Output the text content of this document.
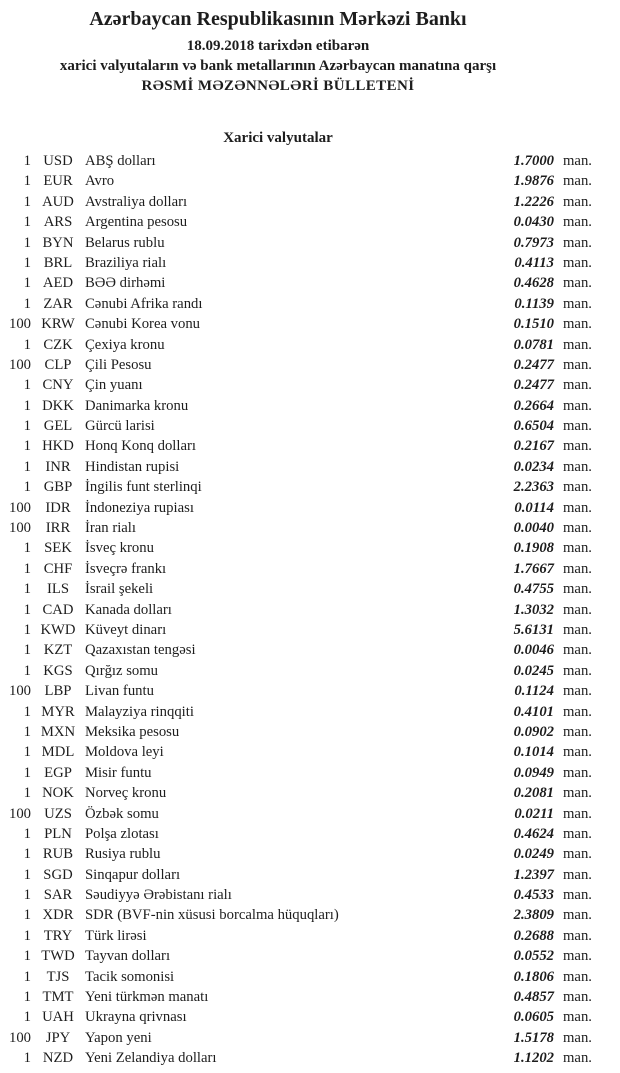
Azərbaycan Respublikasının Mərkəzi Bankı
18.09.2018 tarixdən etibarən
xarici valyutaların və bank metallarının Azərbaycan manatına qarşı
RƏSMİ MƏZƏNNƏLƏRİ BÜLLETENİ
Xarici valyutalar
1 USD ABŞ dolları	1.7000 man.
1 EUR Avro	1.9876 man.
1 AUD Avstraliya dolları	1.2226 man.
1 ARS Argentina pesosu	0.0430 man.
1 BYN Belarus rublu	0.7973 man.
1 BRL Braziliya rialı	0.4113 man.
1 AED BƏƏ dirhəmi	0.4628 man.
1 ZAR Cənubi Afrika randı	0.1139 man.
100 KRW Cənubi Korea vonu	0.1510 man.
1 CZK Çexiya kronu	0.0781 man.
100 CLP Çili Pesosu	0.2477 man.
1 CNY Çin yuanı	0.2477 man.
1 DKK Danimarka kronu	0.2664 man.
1 GEL Gürcü larisi	0.6504 man.
1 HKD Honq Konq dolları	0.2167 man.
1 INR Hindistan rupisi	0.0234 man.
1 GBP İngilis funt sterlinqi	2.2363 man.
100 IDR İndoneziya rupiası	0.0114 man.
100	IRR	İran rialı	0.0040 man.
1 SEK İsveç kronu	0.1908 man.
1 CHF İsveçrə frankı	1.7667 man.
1	ILS	İsrail şekeli	0.4755 man.
1 CAD Kanada dolları	1.3032 man.
1 KWD Küveyt dinarı	5.6131 man.
1 KZT Qazaxıstan tengəsi	0.0046 man.
1 KGS Qırğız somu	0.0245 man.
100 LBP Livan funtu	0.1124 man.
1 MYR Malayziya rinqqiti	0.4101 man.
1 MXN Meksika pesosu	0.0902 man.
1 MDL Moldova leyi	0.1014 man.
1 EGP Misir funtu	0.0949 man.
1 NOK Norveç kronu	0.2081 man.
100 UZS Özbək somu	0.0211 man.
1 PLN Polşa zlotası	0.4624 man.
1 RUB Rusiya rublu	0.0249 man.
1 SGD Sinqapur dolları	1.2397 man.
1 SAR Səudiyyə Ərəbistanı rialı	0.4533 man.
1 XDR SDR (BVF-nin xüsusi borcalma hüquqları)	2.3809 man.
1 TRY Türk lirəsi	0.2688 man.
1 TWD Tayvan dolları	0.0552 man.
1	TJS	Tacik somonisi	0.1806 man.
1 TMT Yeni türkmən manatı	0.4857 man.
1 UAH Ukrayna qrivnası	0.0605 man.
100	JPY	Yapon yeni	1.5178 man.
1 NZD Yeni Zelandiya dolları	1.1202 man.
